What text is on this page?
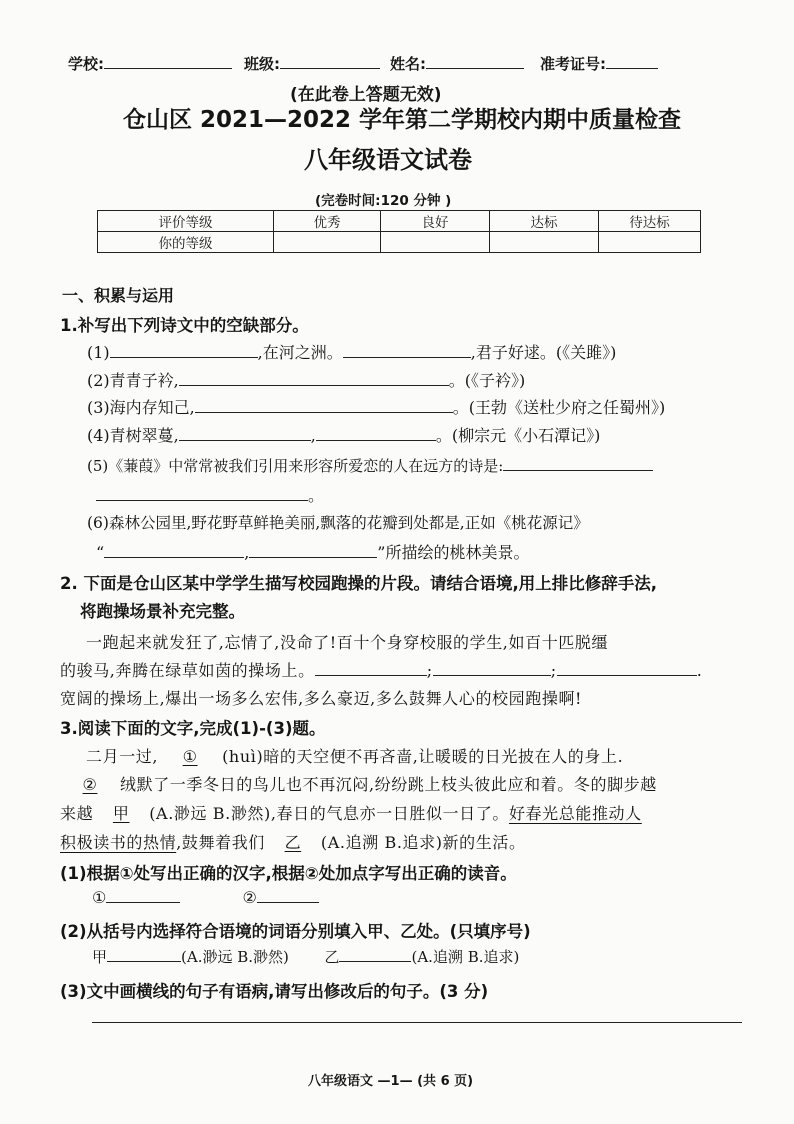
学校:	班级:	姓名:	准考证号:
(在此卷上答题无效)
仓山区 2021—2022 学年第二学期校内期中质量检查
八年级语文试卷
(完卷时间:120 分钟 )
评价等级	优秀	良好	达标	待达标
你的等级				
一、积累与运用
1.补写出下列诗文中的空缺部分。
(1)	,在河之洲。	,君子好逑。(《关雎》)
(2)青青子衿,	。(《子衿》)
(3)海内存知己,	。(王勃《送杜少府之任蜀州》)
(4)青树翠蔓,	,	。(柳宗元《小石潭记》)
(5)《蒹葭》中常常被我们引用来形容所爱恋的人在远方的诗是:
。
(6)森林公园里,野花野草鲜艳美丽,飘落的花瓣到处都是,正如《桃花源记》
“	,	”所描绘的桃林美景。
2. 下面是仓山区某中学学生描写校园跑操的片段。请结合语境,用上排比修辞手法,
将跑操场景补充完整。
一跑起来就发狂了,忘情了,没命了!百十个身穿校服的学生,如百十匹脱缰
的骏马,奔腾在绿草如茵的操场上。	;	;	.
宽阔的操场上,爆出一场多么宏伟,多么豪迈,多么鼓舞人心的校园跑操啊!
3.阅读下面的文字,完成(1)-(3)题。
二月一过, ① (huì)暗的天空便不再吝啬,让暖暖的日光披在人的身上.
② 绒默了一季冬日的鸟儿也不再沉闷,纷纷跳上枝头彼此应和着。冬的脚步越
来越 甲 (A.渺远 B.渺然),春日的气息亦一日胜似一日了。好春光总能推动人
积极读书的热情,鼓舞着我们 乙 (A.追溯 B.追求)新的生活。
(1)根据①处写出正确的汉字,根据②处加点字写出正确的读音。
①	②
(2)从括号内选择符合语境的词语分别填入甲、乙处。(只填序号)
甲	(A.渺远 B.渺然) 乙	(A.追溯 B.追求)
(3)文中画横线的句子有语病,请写出修改后的句子。(3 分)
八年级语文 —1— (共 6 页)
